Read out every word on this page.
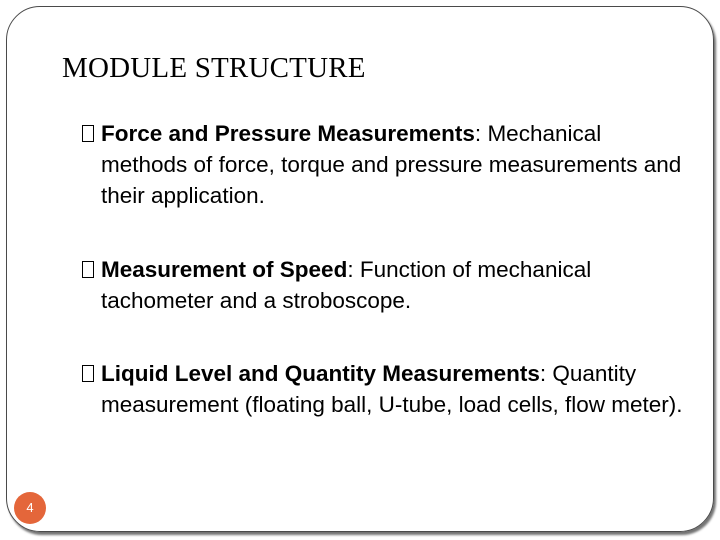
MODULE STRUCTURE
Force and Pressure Measurements: Mechanical methods of force, torque and pressure measurements and their application.
Measurement of Speed: Function of mechanical tachometer and a stroboscope.
Liquid Level and Quantity Measurements: Quantity measurement (floating ball, U-tube, load cells, flow meter).
4
